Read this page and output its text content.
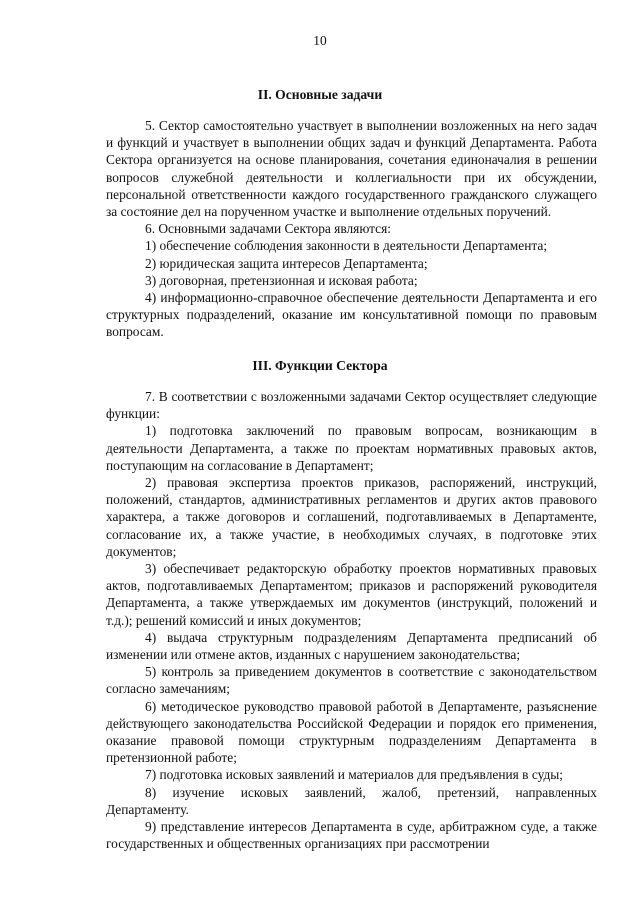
10
II. Основные задачи

5. Сектор самостоятельно участвует в выполнении возложенных на него задач и функций и участвует в выполнении общих задач и функций Департамента. Работа Сектора организуется на основе планирования, сочетания единоначалия в решении вопросов служебной деятельности и коллегиальности при их обсуждении, персональной ответственности каждого государственного гражданского служащего за состояние дел на порученном участке и выполнение отдельных поручений.

6. Основными задачами Сектора являются:

1) обеспечение соблюдения законности в деятельности Департамента;

2) юридическая защита интересов Департамента;

3) договорная, претензионная и исковая работа;

4) информационно-справочное обеспечение деятельности Департамента и его структурных подразделений, оказание им консультативной помощи по правовым вопросам.

III. Функции Сектора

7. В соответствии с возложенными задачами Сектор осуществляет следующие функции:

1) подготовка заключений по правовым вопросам, возникающим в деятельности Департамента, а также по проектам нормативных правовых актов, поступающим на согласование в Департамент;

2) правовая экспертиза проектов приказов, распоряжений, инструкций, положений, стандартов, административных регламентов и других актов правового характера, а также договоров и соглашений, подготавливаемых в Департаменте, согласование их, а также участие, в необходимых случаях, в подготовке этих документов;

3) обеспечивает редакторскую обработку проектов нормативных правовых актов, подготавливаемых Департаментом; приказов и распоряжений руководителя Департамента, а также утверждаемых им документов (инструкций, положений и т.д.); решений комиссий и иных документов;

4) выдача структурным подразделениям Департамента предписаний об изменении или отмене актов, изданных с нарушением законодательства;

5) контроль за приведением документов в соответствие с законодательством согласно замечаниям;

6) методическое руководство правовой работой в Департаменте, разъяснение действующего законодательства Российской Федерации и порядок его применения, оказание правовой помощи структурным подразделениям Департамента в претензионной работе;

7) подготовка исковых заявлений и материалов для предъявления в суды;

8) изучение исковых заявлений, жалоб, претензий, направленных Департаменту.

9) представление интересов Департамента в суде, арбитражном суде, а также государственных и общественных организациях при рассмотрении
